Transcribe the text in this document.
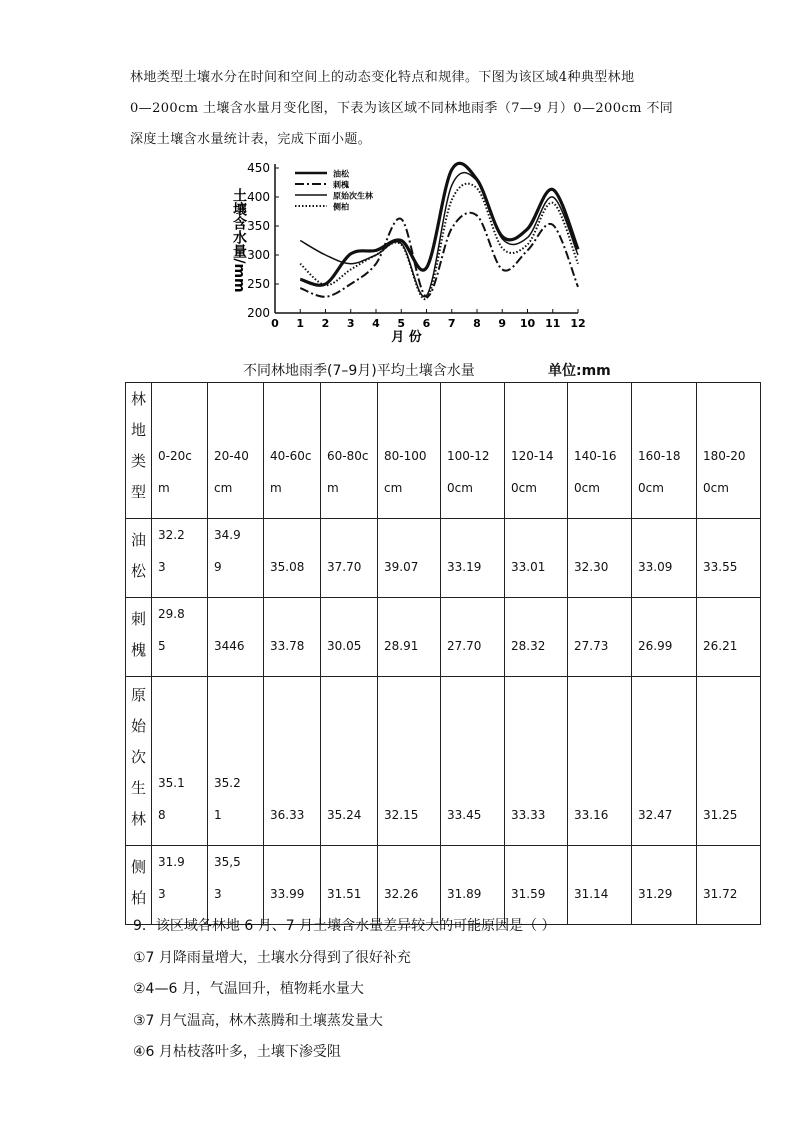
林地类型土壤水分在时间和空间上的动态变化特点和规律。下图为该区域4种典型林地
0—200cm 土壤含水量月变化图，下表为该区域不同林地雨季（7—9 月）0—200cm 不同
深度土壤含水量统计表，完成下面小题。
0 1 2 3 4 5 6 7 8 9 10 11 12
200
250
300
350
400
450
月 份
土壤含水量/mm
油松
刺槐
原始次生林
侧柏
不同林地雨季(7–9月)平均土壤含水量	单位:mm
林地类型	0-20cm	20-40cm	40-60cm	60-80cm	80-100cm	100-120cm	120-140cm	140-160cm	160-180cm	180-200cm

油松	32.23	34.99	35.08	37.70	39.07	33.19	33.01	32.30	33.09	33.55

刺槐	29.85	3446	33.78	30.05	28.91	27.70	28.32	27.73	26.99	26.21

原始次生林	35.18	35.21	36.33	35.24	32.15	33.45	33.33	33.16	32.47	31.25

侧柏	31.93	35,53	33.99	31.51	32.26	31.89	31.59	31.14	31.29	31.72
9．该区域各林地 6 月、7 月土壤含水量差异较大的可能原因是（ ）
①7 月降雨量增大，土壤水分得到了很好补充
②4—6 月，气温回升，植物耗水量大
③7 月气温高，林木蒸腾和土壤蒸发量大
④6 月枯枝落叶多，土壤下渗受阻
